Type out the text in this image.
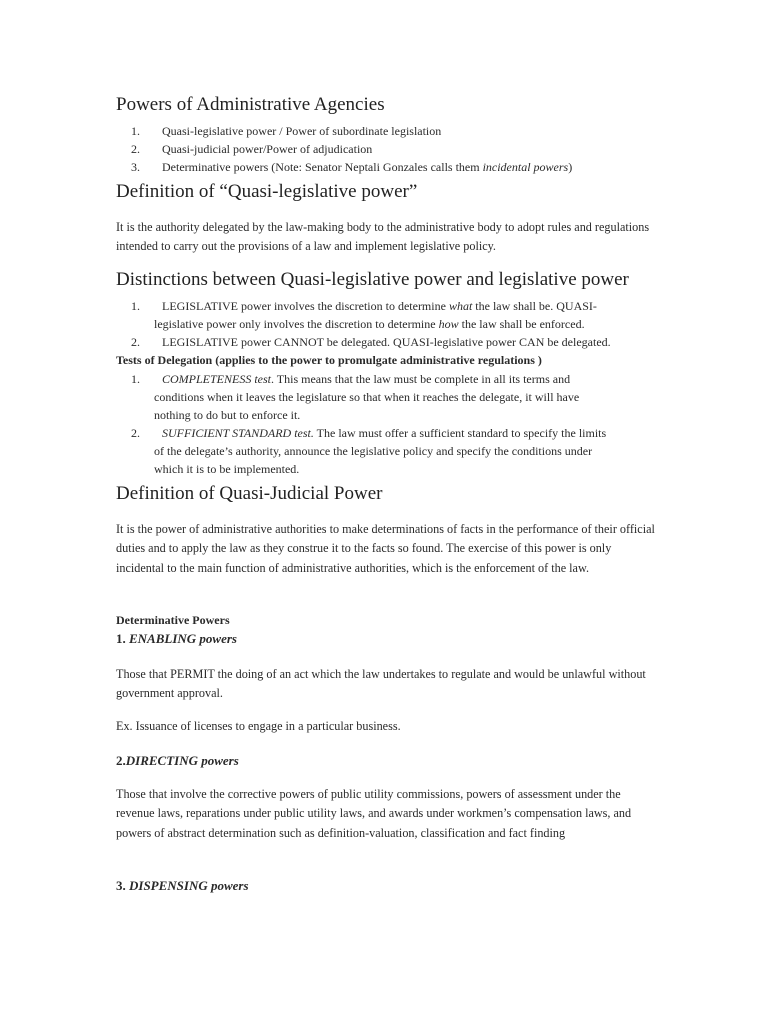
Powers of Administrative Agencies
1. Quasi-legislative power / Power of subordinate legislation
2. Quasi-judicial power/Power of adjudication
3. Determinative powers (Note: Senator Neptali Gonzales calls them incidental powers)
Definition of “Quasi-legislative power”

It is the authority delegated by the law-making body to the administrative body to adopt rules and regulations intended to carry out the provisions of a law and implement legislative policy.

Distinctions between Quasi-legislative power and legislative power
1. LEGISLATIVE power involves the discretion to determine what the law shall be. QUASI-
legislative power only involves the discretion to determine how the law shall be enforced.
2. LEGISLATIVE power CANNOT be delegated. QUASI-legislative power CAN be delegated.
Tests of Delegation (applies to the power to promulgate administrative regulations )
1. COMPLETENESS test. This means that the law must be complete in all its terms and
conditions when it leaves the legislature so that when it reaches the delegate, it will have
nothing to do but to enforce it.
2. SUFFICIENT STANDARD test. The law must offer a sufficient standard to specify the limits
of the delegate’s authority, announce the legislative policy and specify the conditions under
which it is to be implemented.
Definition of Quasi-Judicial Power

It is the power of administrative authorities to make determinations of facts in the performance of their official duties and to apply the law as they construe it to the facts so found. The exercise of this power is only incidental to the main function of administrative authorities, which is the enforcement of the law.

Determinative Powers
1. ENABLING powers

Those that PERMIT the doing of an act which the law undertakes to regulate and would be unlawful without government approval.

Ex. Issuance of licenses to engage in a particular business.

2.DIRECTING powers

Those that involve the corrective powers of public utility commissions, powers of assessment under the revenue laws, reparations under public utility laws, and awards under workmen’s compensation laws, and powers of abstract determination such as definition-valuation, classification and fact finding

3. DISPENSING powers
